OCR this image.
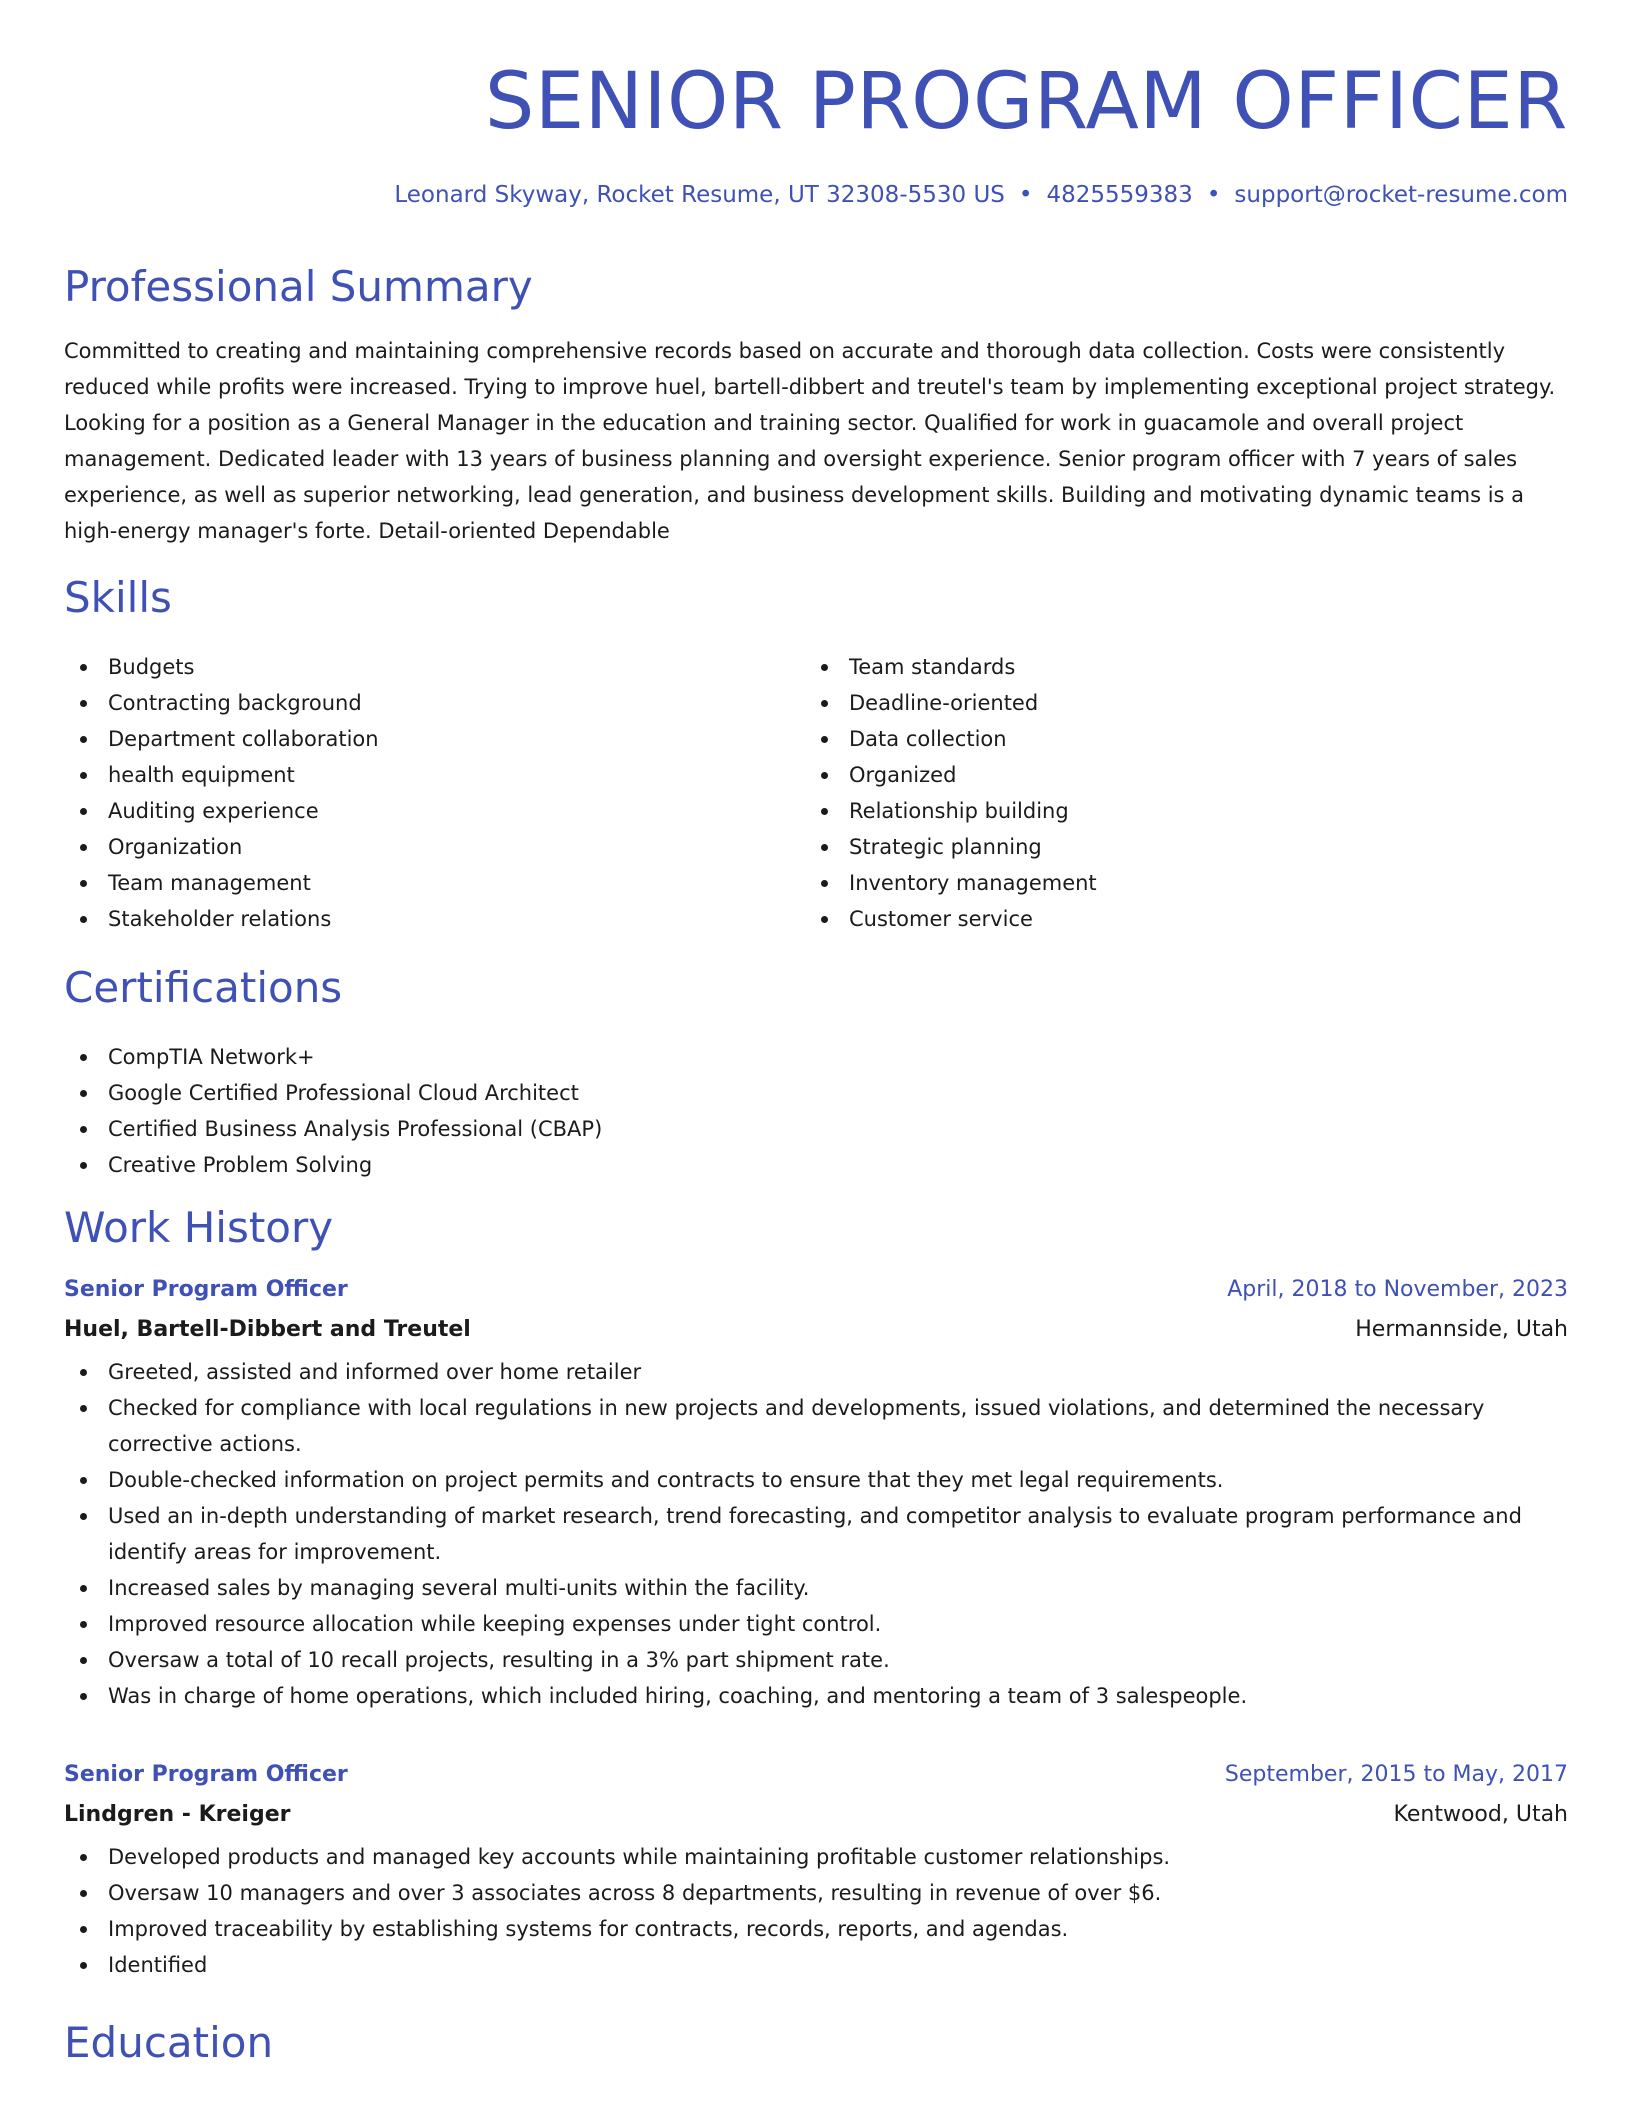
SENIOR PROGRAM OFFICER
Leonard Skyway, Rocket Resume, UT 32308-5530 US • 4825559383 • support@rocket-resume.com
Professional Summary

Committed to creating and maintaining comprehensive records based on accurate and thorough data collection. Costs were consistently reduced while profits were increased. Trying to improve huel, bartell-dibbert and treutel's team by implementing exceptional project strategy. Looking for a position as a General Manager in the education and training sector. Qualified for work in guacamole and overall project management. Dedicated leader with 13 years of business planning and oversight experience. Senior program officer with 7 years of sales experience, as well as superior networking, lead generation, and business development skills. Building and motivating dynamic teams is a high-energy manager's forte. Detail-oriented Dependable

Skills
Budgets
Contracting background
Department collaboration
health equipment
Auditing experience
Organization
Team management
Stakeholder relations
Team standards
Deadline-oriented
Data collection
Organized
Relationship building
Strategic planning
Inventory management
Customer service
Certifications
CompTIA Network+
Google Certified Professional Cloud Architect
Certified Business Analysis Professional (CBAP)
Creative Problem Solving
Work History
Senior Program Officer	April, 2018 to November, 2023
Huel, Bartell-Dibbert and Treutel	Hermannside, Utah
Greeted, assisted and informed over home retailer
Checked for compliance with local regulations in new projects and developments, issued violations, and determined the necessary corrective actions.
Double-checked information on project permits and contracts to ensure that they met legal requirements.
Used an in-depth understanding of market research, trend forecasting, and competitor analysis to evaluate program performance and identify areas for improvement.
Increased sales by managing several multi-units within the facility.
Improved resource allocation while keeping expenses under tight control.
Oversaw a total of 10 recall projects, resulting in a 3% part shipment rate.
Was in charge of home operations, which included hiring, coaching, and mentoring a team of 3 salespeople.
Senior Program Officer	September, 2015 to May, 2017
Lindgren - Kreiger	Kentwood, Utah
Developed products and managed key accounts while maintaining profitable customer relationships.
Oversaw 10 managers and over 3 associates across 8 departments, resulting in revenue of over $6.
Improved traceability by establishing systems for contracts, records, reports, and agendas.
Identified
Education
